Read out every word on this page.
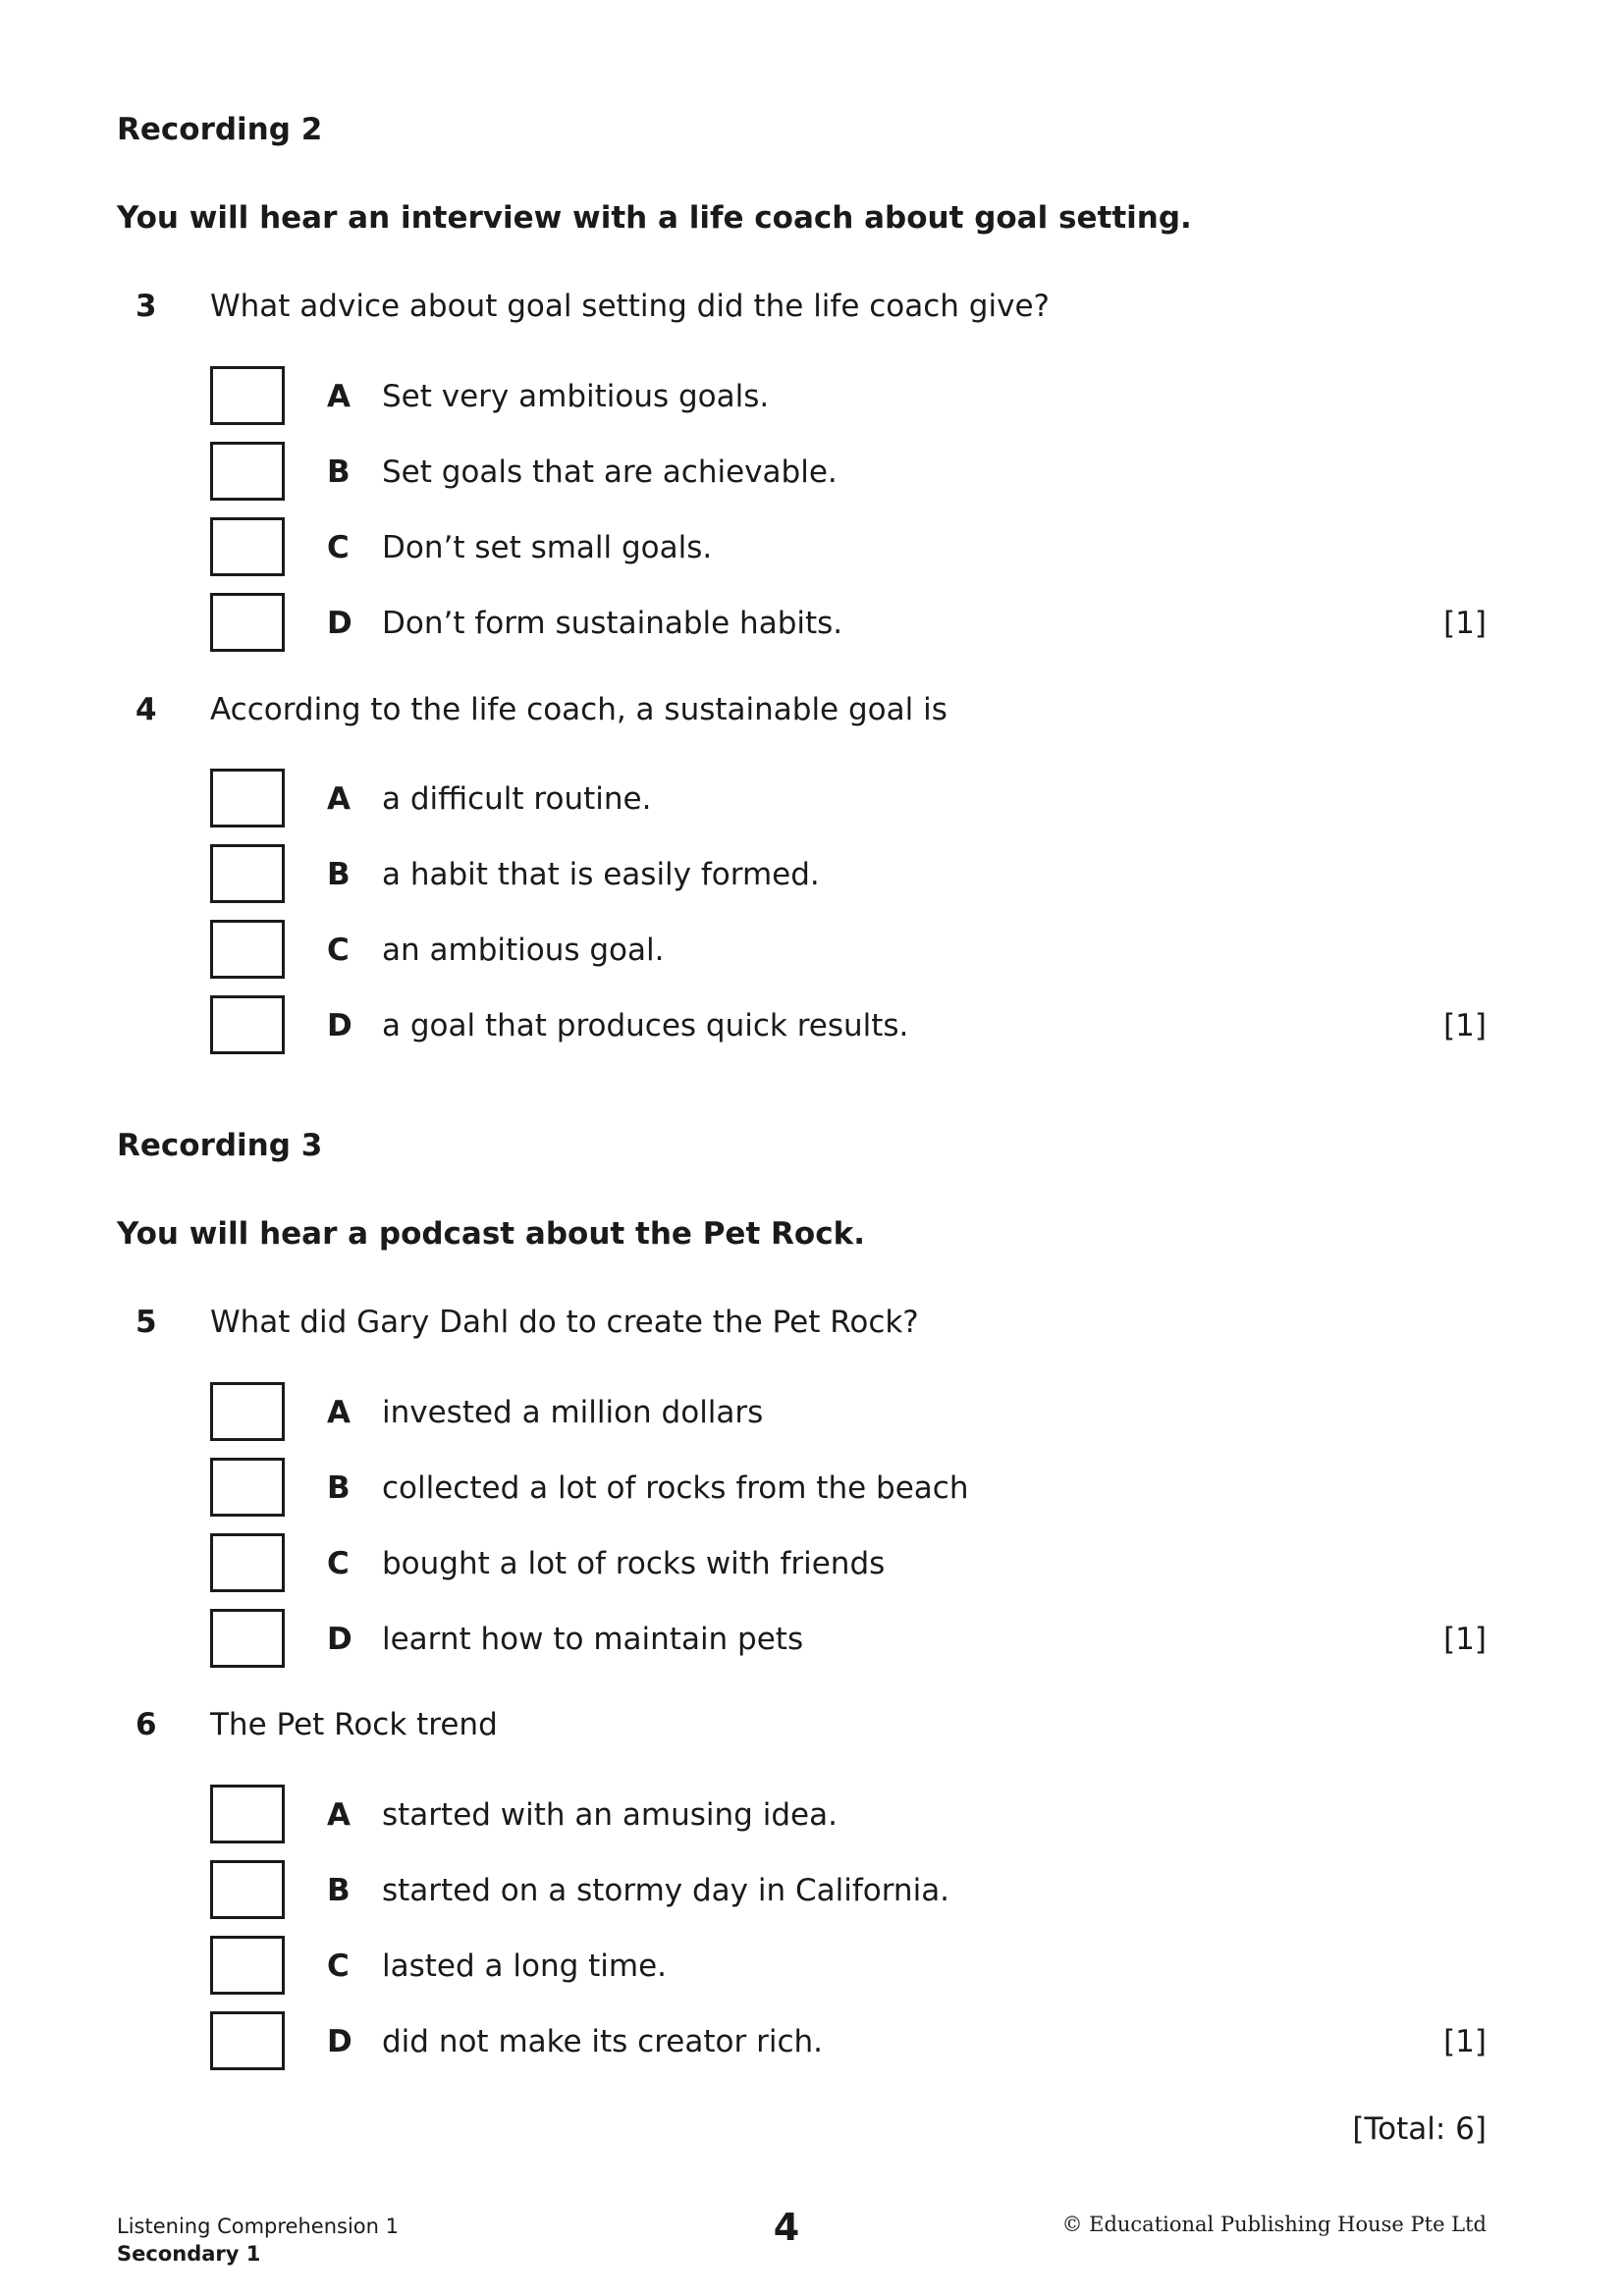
Recording 2
You will hear an interview with a life coach about goal setting.
3 What advice about goal setting did the life coach give?
A Set very ambitious goals.
B Set goals that are achievable.
C Don’t set small goals.
D Don’t form sustainable habits.	[1]
4 According to the life coach, a sustainable goal is
A a difficult routine.
B a habit that is easily formed.
C an ambitious goal.
D a goal that produces quick results.	[1]
Recording 3
You will hear a podcast about the Pet Rock.
5 What did Gary Dahl do to create the Pet Rock?
A invested a million dollars
B collected a lot of rocks from the beach
C bought a lot of rocks with friends
D learnt how to maintain pets	[1]
6 The Pet Rock trend
A started with an amusing idea.
B started on a stormy day in California.
C lasted a long time.
D did not make its creator rich.	[1]
[Total: 6]
Listening Comprehension 1
Secondary 1
4	© Educational Publishing House Pte Ltd
